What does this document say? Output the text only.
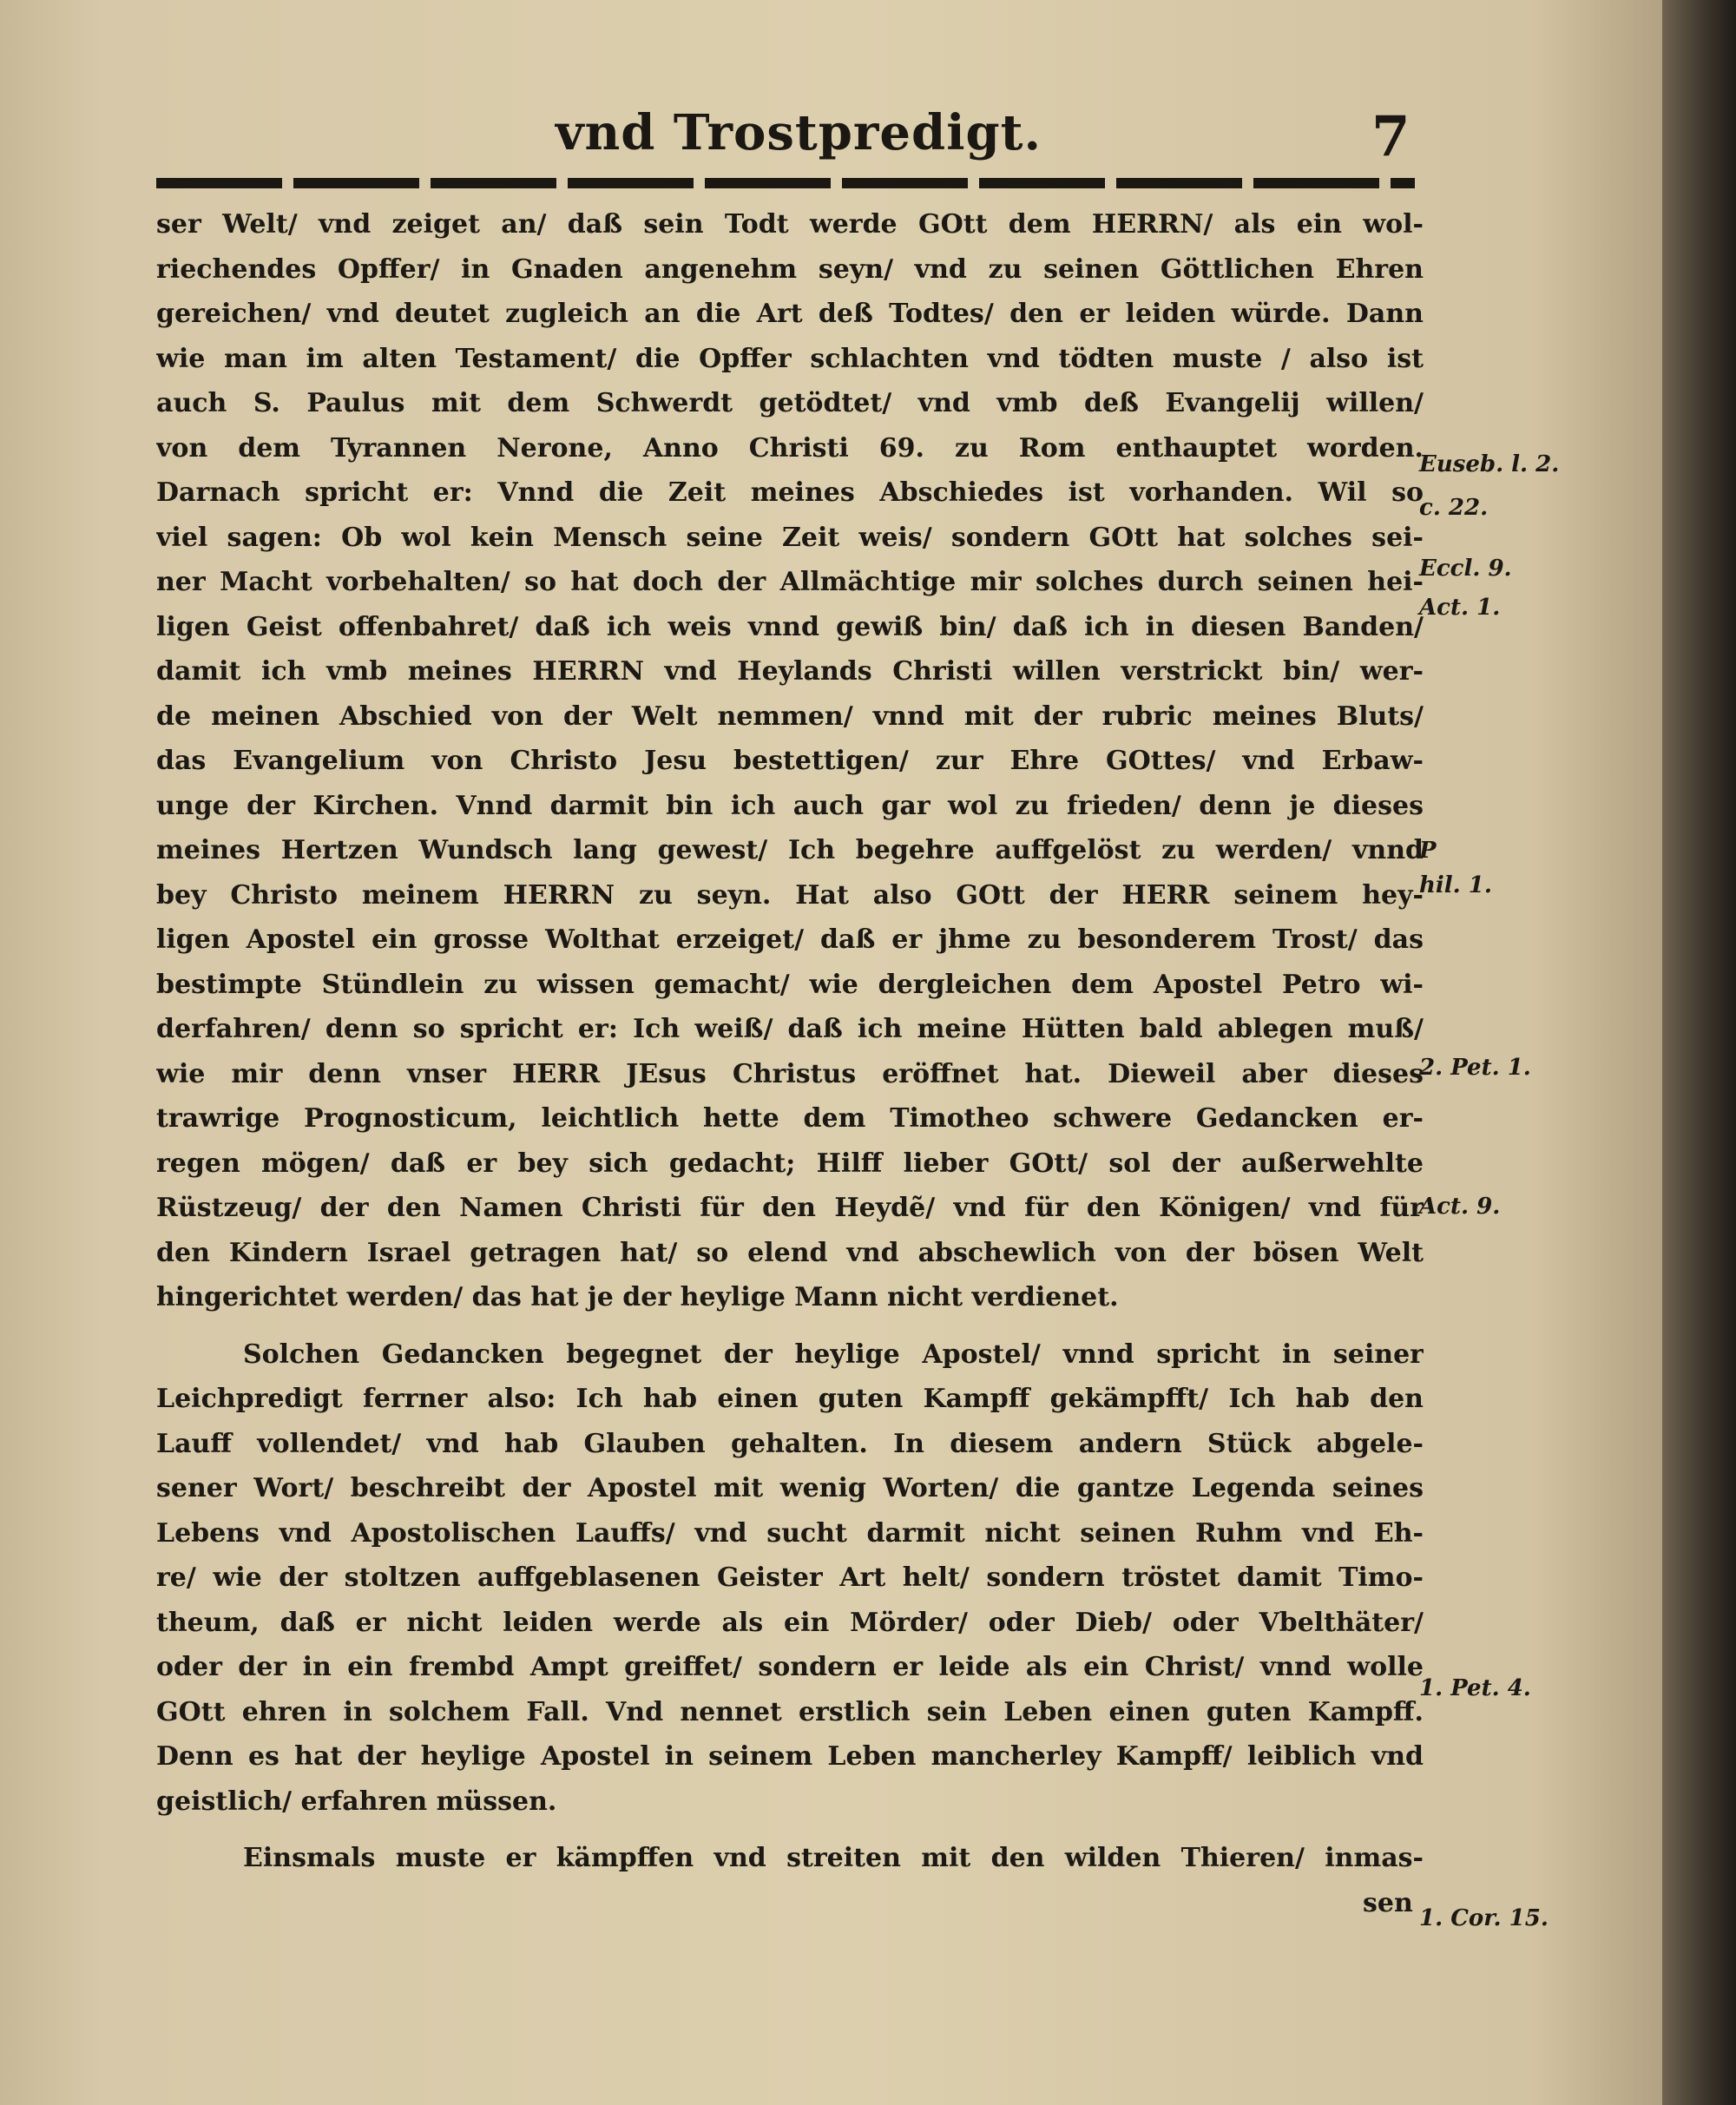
vnd Trostpredigt.	7
ser Welt/ vnd zeiget an/ daß sein Todt werde GOtt dem HERRN/ als ein wol-
riechendes Opffer/ in Gnaden angenehm seyn/ vnd zu seinen Göttlichen Ehren
gereichen/ vnd deutet zugleich an die Art deß Todtes/ den er leiden würde. Dann
wie man im alten Testament/ die Opffer schlachten vnd tödten muste / also ist
auch S. Paulus mit dem Schwerdt getödtet/ vnd vmb deß Evangelij willen/
von dem Tyrannen Nerone, Anno Christi 69. zu Rom enthauptet worden.
Darnach spricht er: Vnnd die Zeit meines Abschiedes ist vorhanden. Wil so
viel sagen: Ob wol kein Mensch seine Zeit weis/ sondern GOtt hat solches sei-
ner Macht vorbehalten/ so hat doch der Allmächtige mir solches durch seinen hei-
ligen Geist offenbahret/ daß ich weis vnnd gewiß bin/ daß ich in diesen Banden/
damit ich vmb meines HERRN vnd Heylands Christi willen verstrickt bin/ wer-
de meinen Abschied von der Welt nemmen/ vnnd mit der rubric meines Bluts/
das Evangelium von Christo Jesu bestettigen/ zur Ehre GOttes/ vnd Erbaw-
unge der Kirchen. Vnnd darmit bin ich auch gar wol zu frieden/ denn je dieses
meines Hertzen Wundsch lang gewest/ Ich begehre auffgelöst zu werden/ vnnd
bey Christo meinem HERRN zu seyn. Hat also GOtt der HERR seinem hey-
ligen Apostel ein grosse Wolthat erzeiget/ daß er jhme zu besonderem Trost/ das
bestimpte Stündlein zu wissen gemacht/ wie dergleichen dem Apostel Petro wi-
derfahren/ denn so spricht er: Ich weiß/ daß ich meine Hütten bald ablegen muß/
wie mir denn vnser HERR JEsus Christus eröffnet hat. Dieweil aber dieses
trawrige Prognosticum, leichtlich hette dem Timotheo schwere Gedancken er-
regen mögen/ daß er bey sich gedacht; Hilff lieber GOtt/ sol der außerwehlte
Rüstzeug/ der den Namen Christi für den Heydẽ/ vnd für den Königen/ vnd für
den Kindern Israel getragen hat/ so elend vnd abschewlich von der bösen Welt
hingerichtet werden/ das hat je der heylige Mann nicht verdienet.
Solchen Gedancken begegnet der heylige Apostel/ vnnd spricht in seiner
Leichpredigt ferrner also: Ich hab einen guten Kampff gekämpfft/ Ich hab den
Lauff vollendet/ vnd hab Glauben gehalten. In diesem andern Stück abgele-
sener Wort/ beschreibt der Apostel mit wenig Worten/ die gantze Legenda seines
Lebens vnd Apostolischen Lauffs/ vnd sucht darmit nicht seinen Ruhm vnd Eh-
re/ wie der stoltzen auffgeblasenen Geister Art helt/ sondern tröstet damit Timo-
theum, daß er nicht leiden werde als ein Mörder/ oder Dieb/ oder Vbelthäter/
oder der in ein frembd Ampt greiffet/ sondern er leide als ein Christ/ vnnd wolle
GOtt ehren in solchem Fall. Vnd nennet erstlich sein Leben einen guten Kampff.
Denn es hat der heylige Apostel in seinem Leben mancherley Kampff/ leiblich vnd
geistlich/ erfahren müssen.
Einsmals muste er kämpffen vnd streiten mit den wilden Thieren/ inmas-
sen
Euseb. l. 2.
c. 22.
Eccl. 9.
Act. 1.
P
hil. 1.
2. Pet. 1.
Act. 9.
1. Pet. 4.
1. Cor. 15.
